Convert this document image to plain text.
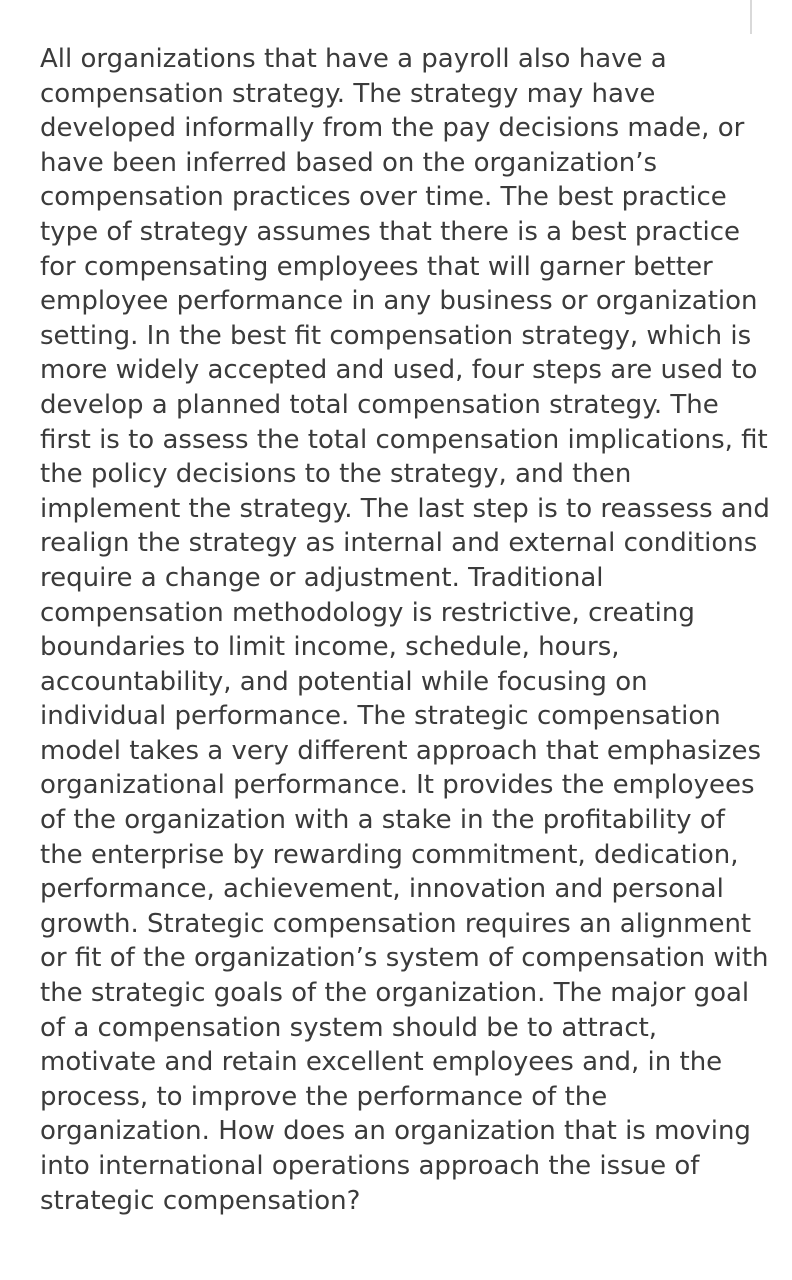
All organizations that have a payroll also have a
compensation strategy. The strategy may have
developed informally from the pay decisions made, or
have been inferred based on the organization’s
compensation practices over time. The best practice
type of strategy assumes that there is a best practice
for compensating employees that will garner better
employee performance in any business or organization
setting. In the best fit compensation strategy, which is
more widely accepted and used, four steps are used to
develop a planned total compensation strategy. The
first is to assess the total compensation implications, fit
the policy decisions to the strategy, and then
implement the strategy. The last step is to reassess and
realign the strategy as internal and external conditions
require a change or adjustment. Traditional
compensation methodology is restrictive, creating
boundaries to limit income, schedule, hours,
accountability, and potential while focusing on
individual performance. The strategic compensation
model takes a very different approach that emphasizes
organizational performance. It provides the employees
of the organization with a stake in the profitability of
the enterprise by rewarding commitment, dedication,
performance, achievement, innovation and personal
growth. Strategic compensation requires an alignment
or fit of the organization’s system of compensation with
the strategic goals of the organization. The major goal
of a compensation system should be to attract,
motivate and retain excellent employees and, in the
process, to improve the performance of the
organization. How does an organization that is moving
into international operations approach the issue of
strategic compensation?
